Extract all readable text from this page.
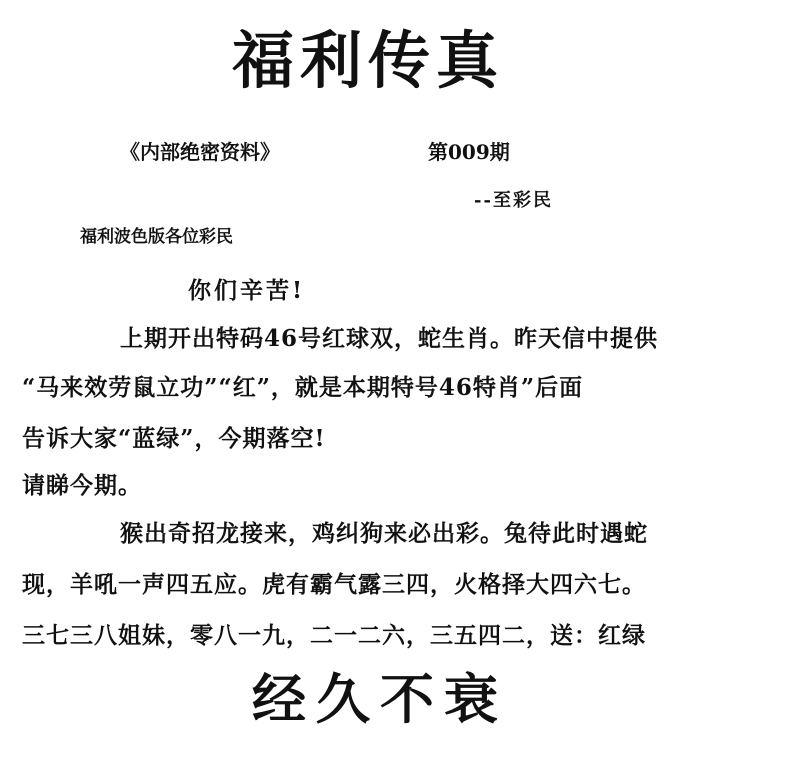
福利传真
《内部绝密资料》	第009期
--至彩民
福利波色版各位彩民
你们辛苦!
上期开出特码46号红球双，蛇生肖。昨天信中提供
“马来效劳鼠立功”“红”，就是本期特号46特肖”后面
告诉大家“蓝绿”，今期落空!
请睇今期。
猴出奇招龙接来，鸡纠狗来必出彩。兔待此时遇蛇
现，羊吼一声四五应。虎有霸气露三四，火格择大四六七。
三七三八姐妹，零八一九，二一二六，三五四二，送：红绿
经久不衰
